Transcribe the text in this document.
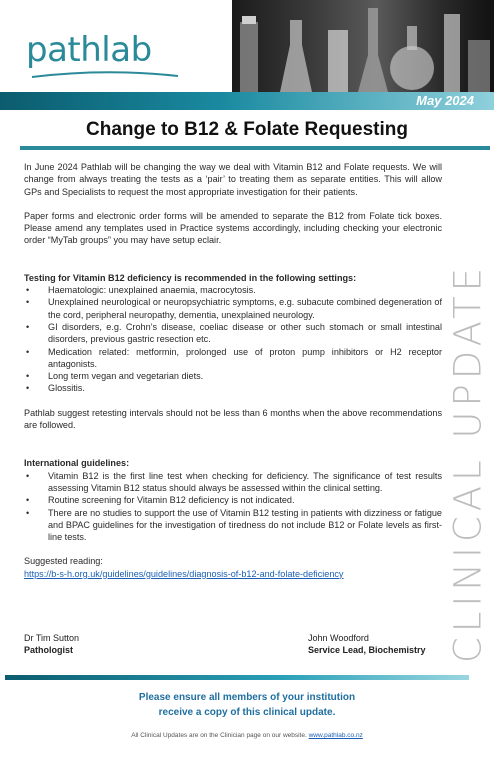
pathlab
May 2024
Change to B12 & Folate Requesting

In June 2024 Pathlab will be changing the way we deal with Vitamin B12 and Folate requests. We will change from always treating the tests as a ‘pair’ to treating them as separate entities. This will allow GPs and Specialists to request the most appropriate investigation for their patients.

Paper forms and electronic order forms will be amended to separate the B12 from Folate tick boxes. Please amend any templates used in Practice systems accordingly, including checking your electronic order “MyTab groups” you may have setup eclair.

Testing for Vitamin B12 deficiency is recommended in the following settings:

• Haematologic: unexplained anaemia, macrocytosis.
• Unexplained neurological or neuropsychiatric symptoms, e.g. subacute combined degeneration of the cord, peripheral neuropathy, dementia, unexplained neurology.
• GI disorders, e.g. Crohn’s disease, coeliac disease or other such stomach or small intestinal disorders, previous gastric resection etc.
• Medication related: metformin, prolonged use of proton pump inhibitors or H2 receptor antagonists.
• Long term vegan and vegetarian diets.
• Glossitis.

Pathlab suggest retesting intervals should not be less than 6 months when the above recommendations are followed.

International guidelines:

• Vitamin B12 is the first line test when checking for deficiency. The significance of test results assessing Vitamin B12 status should always be assessed within the clinical setting.
• Routine screening for Vitamin B12 deficiency is not indicated.
• There are no studies to support the use of Vitamin B12 testing in patients with dizziness or fatigue and BPAC guidelines for the investigation of tiredness do not include B12 or Folate levels as first-line tests.

Suggested reading:

https://b-s-h.org.uk/guidelines/guidelines/diagnosis-of-b12-and-folate-deficiency	CLINICAL UPDATE
Dr Tim Sutton
Pathologist
John Woodford
Service Lead, Biochemistry
Please ensure all members of your institution
receive a copy of this clinical update.
All Clinical Updates are on the Clinician page on our website. www.pathlab.co.nz
